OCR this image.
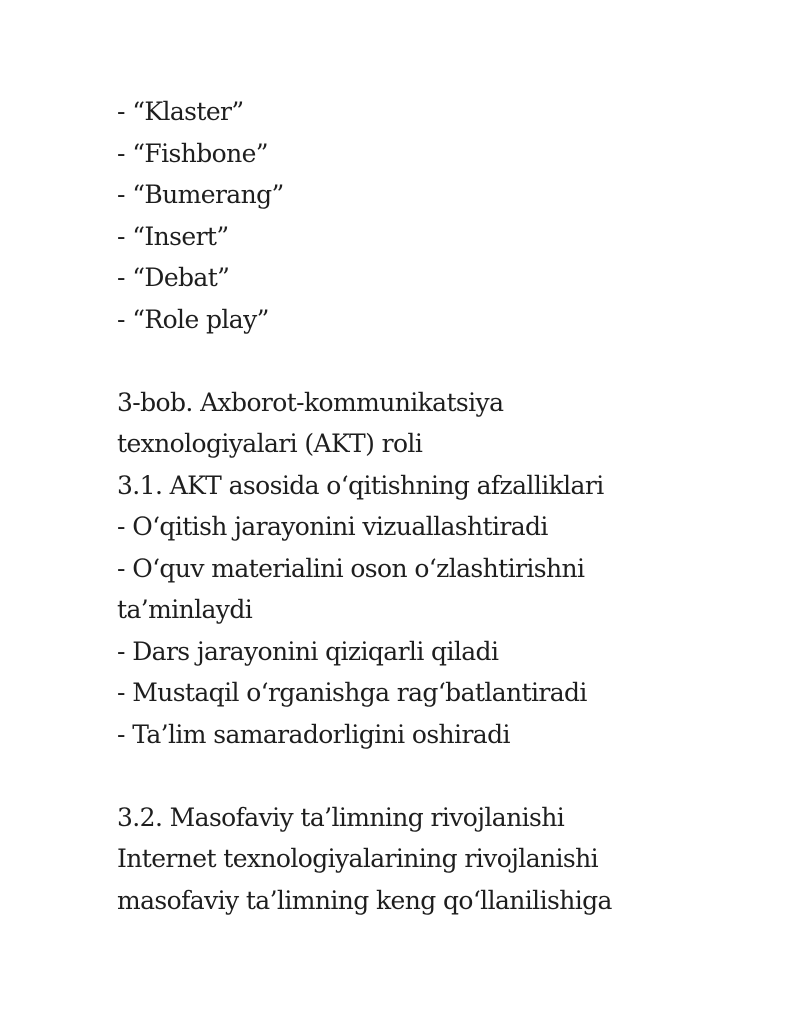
- “Klaster”
- “Fishbone”
- “Bumerang”
- “Insert”
- “Debat”
- “Role play”
3-bob. Axborot-kommunikatsiya
texnologiyalari (AKT) roli
3.1. AKT asosida o‘qitishning afzalliklari
- O‘qitish jarayonini vizuallashtiradi
- O‘quv materialini oson o‘zlashtirishni
ta’minlaydi
- Dars jarayonini qiziqarli qiladi
- Mustaqil o‘rganishga rag‘batlantiradi
- Ta’lim samaradorligini oshiradi
3.2. Masofaviy ta’limning rivojlanishi
Internet texnologiyalarining rivojlanishi
masofaviy ta’limning keng qo‘llanilishiga
